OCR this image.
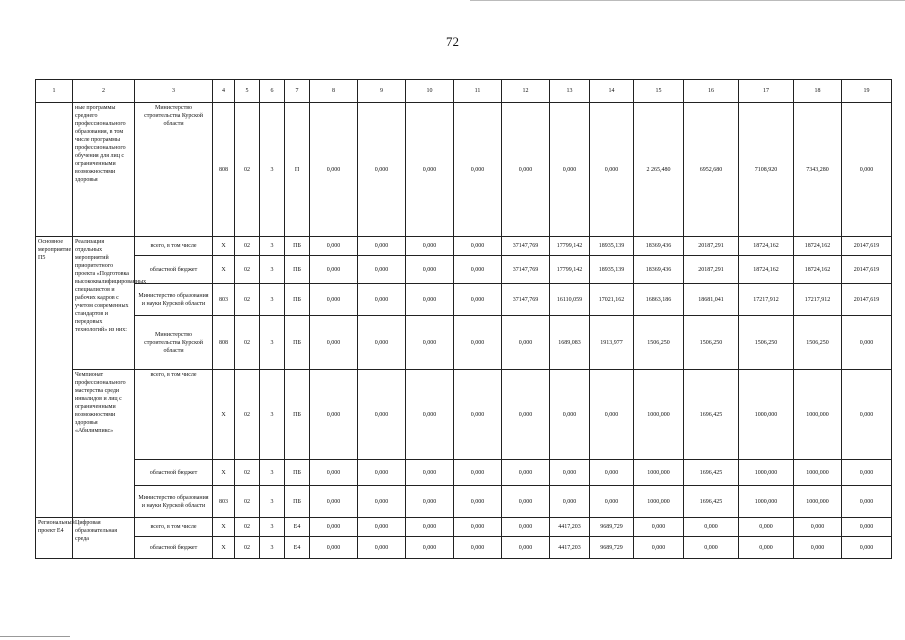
72
1	2	3	4	5	6	7	8	9	10	11	12	13	14	15	16	17	18	19
	ные программы среднего профессионального образования, в том числе программы профессионального обучения для лиц с ограниченными возможностями здоровья	Министерство строительства Курской области	808	02	3	П	0,000	0,000	0,000	0,000	0,000	0,000	0,000	2 265,480	6952,680	7108,920	7343,280	0,000
Основное мероприятие П5	Реализация отдельных мероприятий приоритетного проекта «Подготовка высококвалифицированных специалистов и рабочих кадров с учетом современных стандартов и передовых технологий» из них:	всего, в том числе	Х	02	3	ПБ	0,000	0,000	0,000	0,000	37147,769	17799,142	18935,139	18369,436	20187,291	18724,162	18724,162	20147,619
		областной бюджет	Х	02	3	ПБ	0,000	0,000	0,000	0,000	37147,769	17799,142	18935,139	18369,436	20187,291	18724,162	18724,162	20147,619
		Министерство образования и науки Курской области	803	02	3	ПБ	0,000	0,000	0,000	0,000	37147,769	16110,059	17021,162	16863,186	18681,041	17217,912	17217,912	20147,619
		Министерство строительства Курской области	808	02	3	ПБ	0,000	0,000	0,000	0,000	0,000	1689,083	1913,977	1506,250	1506,250	1506,250	1506,250	0,000
	Чемпионат профессионального мастерства среди инвалидов и лиц с ограниченными возможностями здоровья «Абилимпикс»	всего, в том числе	Х	02	3	ПБ	0,000	0,000	0,000	0,000	0,000	0,000	0,000	1000,000	1696,425	1000,000	1000,000	0,000
		областной бюджет	Х	02	3	ПБ	0,000	0,000	0,000	0,000	0,000	0,000	0,000	1000,000	1696,425	1000,000	1000,000	0,000
		Министерство образования и науки Курской области	803	02	3	ПБ	0,000	0,000	0,000	0,000	0,000	0,000	0,000	1000,000	1696,425	1000,000	1000,000	0,000
Региональный проект Е4	Цифровая образовательная среда	всего, в том числе	Х	02	3	Е4	0,000	0,000	0,000	0,000	0,000	4417,203	9689,729	0,000	0,000	0,000	0,000	0,000
		областной бюджет	Х	02	3	Е4	0,000	0,000	0,000	0,000	0,000	4417,203	9689,729	0,000	0,000	0,000	0,000	0,000
